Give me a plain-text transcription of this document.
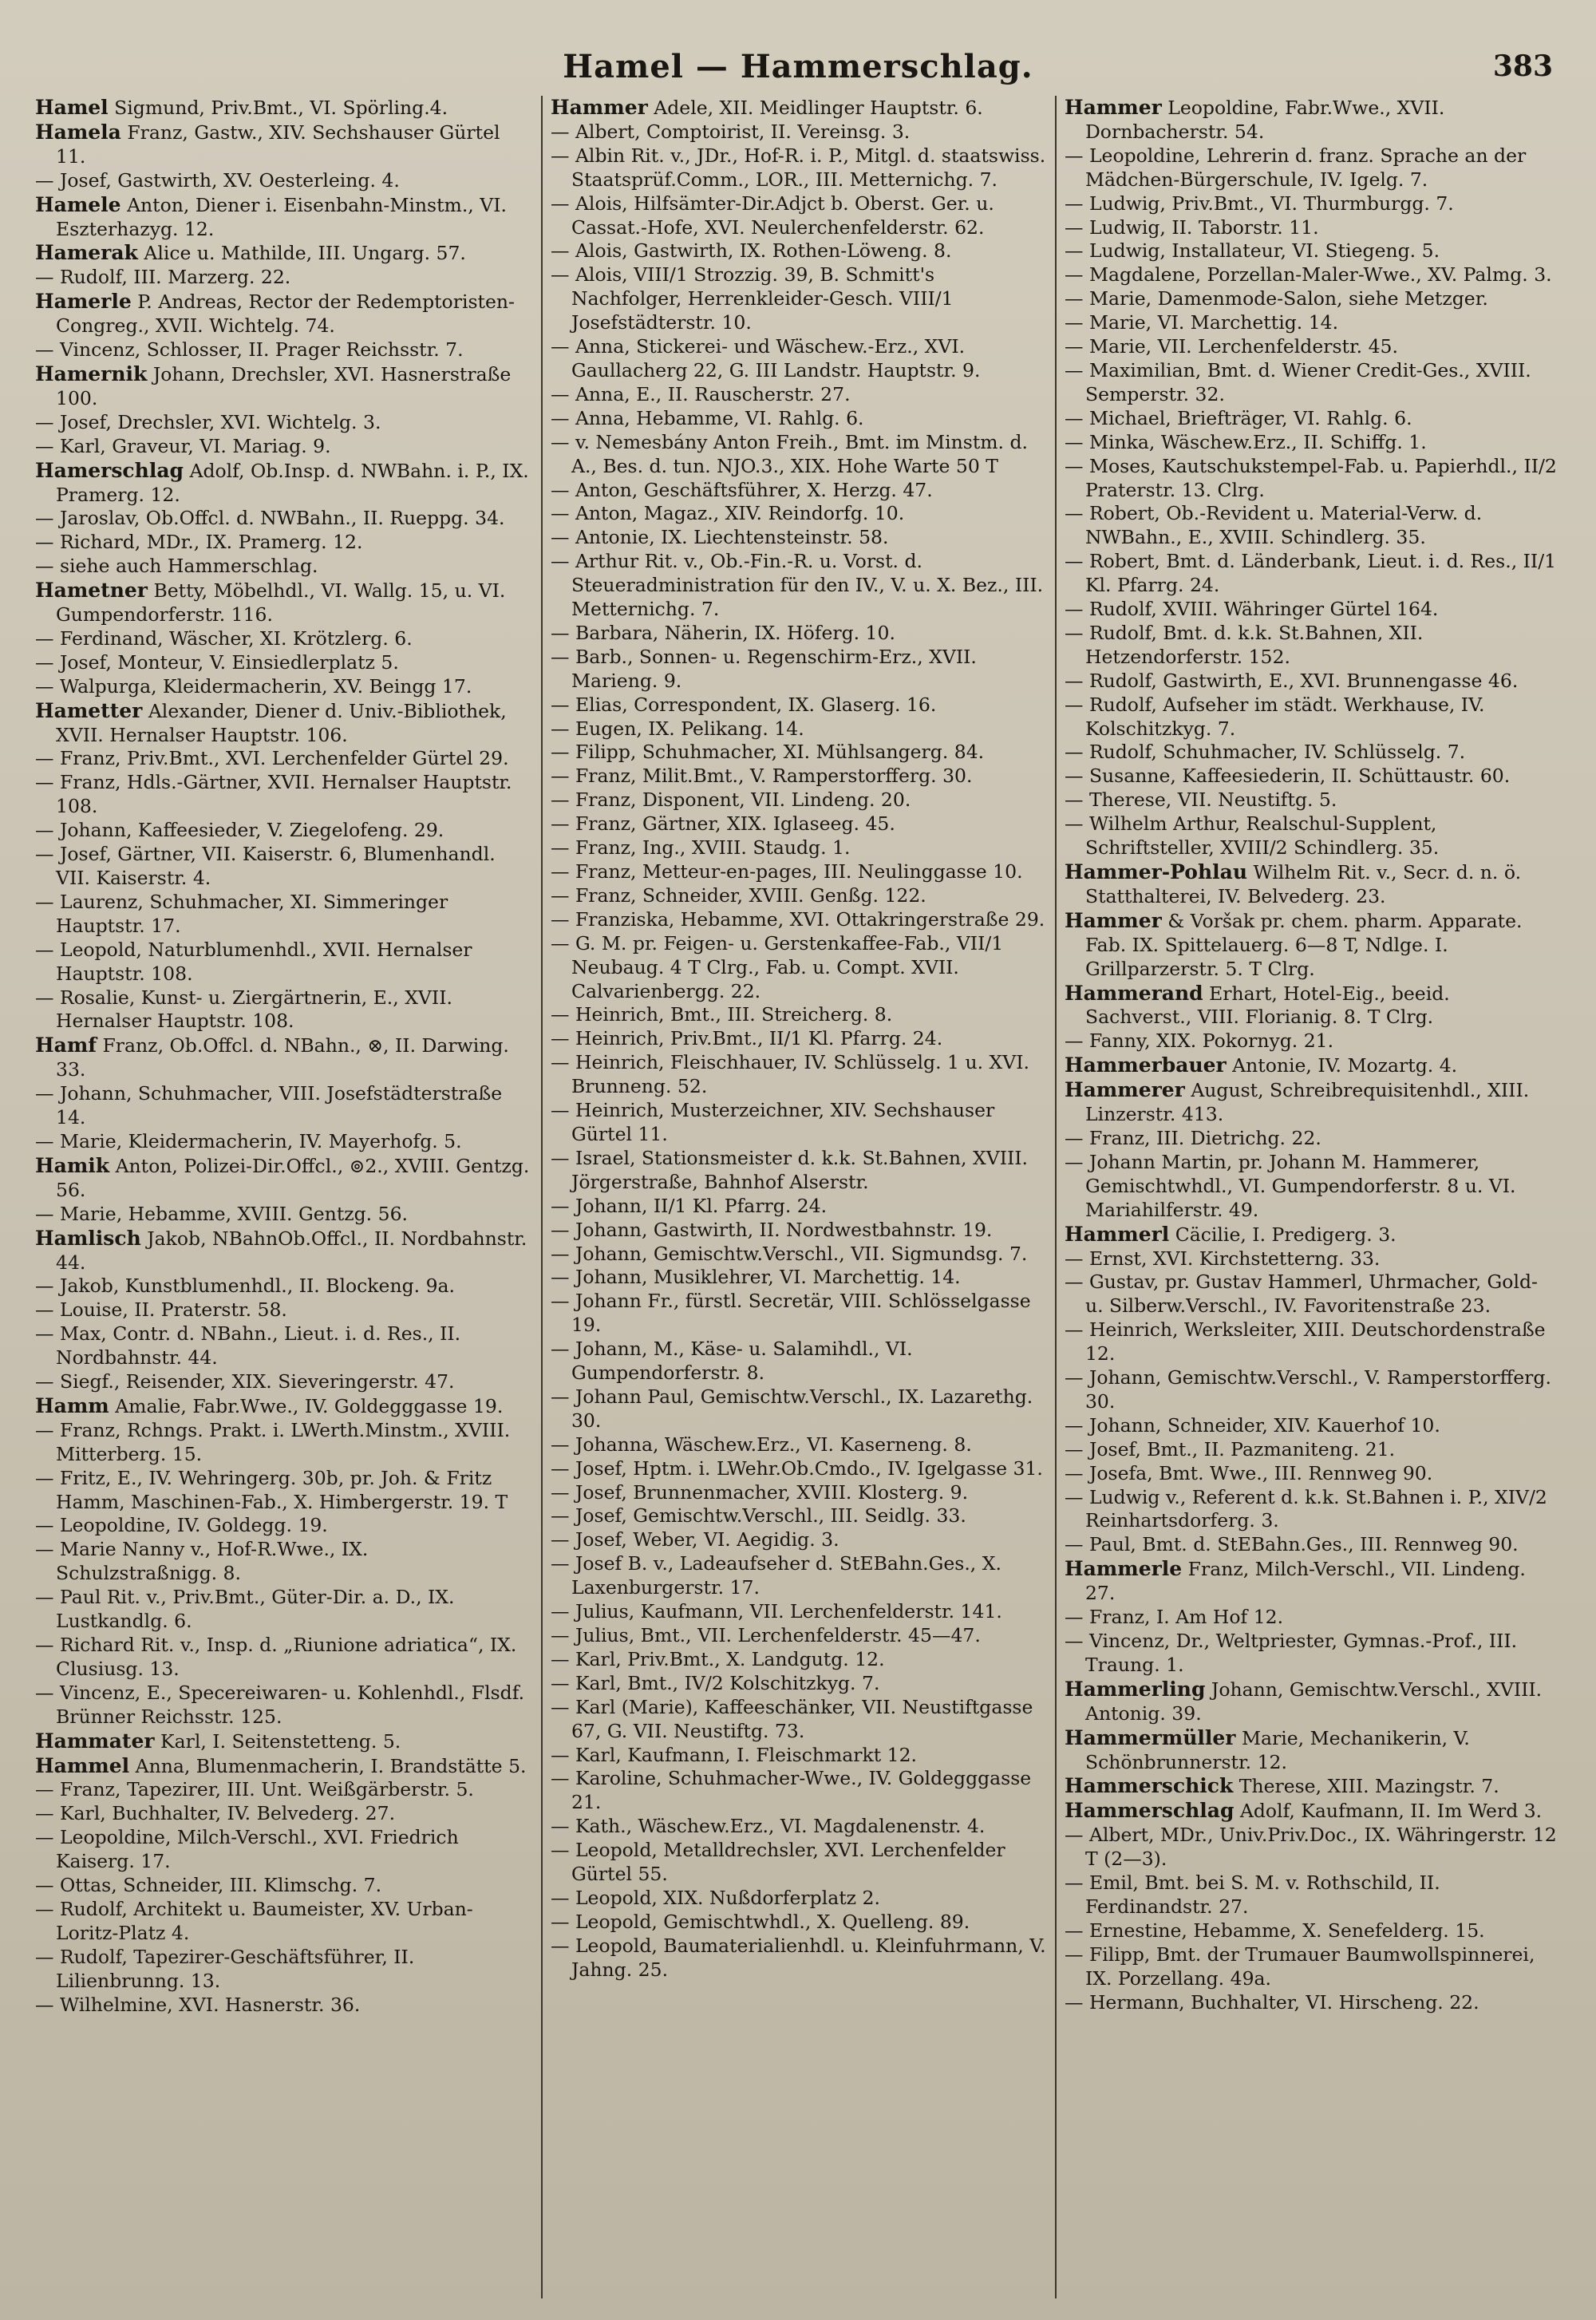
Hamel — Hammerschlag.	383

Hamel Sigmund, Priv.Bmt., VI. Spörling.4.

Hamela Franz, Gastw., XIV. Sechshauser Gürtel 11.

— Josef, Gastwirth, XV. Oesterleing. 4.

Hamele Anton, Diener i. Eisenbahn-Minstm., VI. Eszterhazyg. 12.

Hamerak Alice u. Mathilde, III. Ungarg. 57.

— Rudolf, III. Marzerg. 22.

Hamerle P. Andreas, Rector der Redemptoristen-Congreg., XVII. Wichtelg. 74.

— Vincenz, Schlosser, II. Prager Reichsstr. 7.

Hamernik Johann, Drechsler, XVI. Hasnerstraße 100.

— Josef, Drechsler, XVI. Wichtelg. 3.

— Karl, Graveur, VI. Mariag. 9.

Hamerschlag Adolf, Ob.Insp. d. NWBahn. i. P., IX. Pramerg. 12.

— Jaroslav, Ob.Offcl. d. NWBahn., II. Rueppg. 34.

— Richard, MDr., IX. Pramerg. 12.

— siehe auch Hammerschlag.

Hametner Betty, Möbelhdl., VI. Wallg. 15, u. VI. Gumpendorferstr. 116.

— Ferdinand, Wäscher, XI. Krötzlerg. 6.

— Josef, Monteur, V. Einsiedlerplatz 5.

— Walpurga, Kleidermacherin, XV. Beingg 17.

Hametter Alexander, Diener d. Univ.-Bibliothek, XVII. Hernalser Hauptstr. 106.

— Franz, Priv.Bmt., XVI. Lerchenfelder Gürtel 29.

— Franz, Hdls.-Gärtner, XVII. Hernalser Hauptstr. 108.

— Johann, Kaffeesieder, V. Ziegelofeng. 29.

— Josef, Gärtner, VII. Kaiserstr. 6, Blumenhandl. VII. Kaiserstr. 4.

— Laurenz, Schuhmacher, XI. Simmeringer Hauptstr. 17.

— Leopold, Naturblumenhdl., XVII. Hernalser Hauptstr. 108.

— Rosalie, Kunst- u. Ziergärtnerin, E., XVII. Hernalser Hauptstr. 108.

Hamf Franz, Ob.Offcl. d. NBahn., ⊗, II. Darwing. 33.

— Johann, Schuhmacher, VIII. Josefstädterstraße 14.

— Marie, Kleidermacherin, IV. Mayerhofg. 5.

Hamik Anton, Polizei-Dir.Offcl., ⊚2., XVIII. Gentzg. 56.

— Marie, Hebamme, XVIII. Gentzg. 56.

Hamlisch Jakob, NBahnOb.Offcl., II. Nordbahnstr. 44.

— Jakob, Kunstblumenhdl., II. Blockeng. 9a.

— Louise, II. Praterstr. 58.

— Max, Contr. d. NBahn., Lieut. i. d. Res., II. Nordbahnstr. 44.

— Siegf., Reisender, XIX. Sieveringerstr. 47.

Hamm Amalie, Fabr.Wwe., IV. Goldegggasse 19.

— Franz, Rchngs. Prakt. i. LWerth.Minstm., XVIII. Mitterberg. 15.

— Fritz, E., IV. Wehringerg. 30b, pr. Joh. & Fritz Hamm, Maschinen-Fab., X. Himbergerstr. 19. T

— Leopoldine, IV. Goldegg. 19.

— Marie Nanny v., Hof-R.Wwe., IX. Schulzstraßnigg. 8.

— Paul Rit. v., Priv.Bmt., Güter-Dir. a. D., IX. Lustkandlg. 6.

— Richard Rit. v., Insp. d. „Riunione adriatica“, IX. Clusiusg. 13.

— Vincenz, E., Specereiwaren- u. Kohlenhdl., Flsdf. Brünner Reichsstr. 125.

Hammater Karl, I. Seitenstetteng. 5.

Hammel Anna, Blumenmacherin, I. Brandstätte 5.

— Franz, Tapezirer, III. Unt. Weißgärberstr. 5.

— Karl, Buchhalter, IV. Belvederg. 27.

— Leopoldine, Milch-Verschl., XVI. Friedrich Kaiserg. 17.

— Ottas, Schneider, III. Klimschg. 7.

— Rudolf, Architekt u. Baumeister, XV. Urban-Loritz-Platz 4.

— Rudolf, Tapezirer-Geschäftsführer, II. Lilienbrunng. 13.

— Wilhelmine, XVI. Hasnerstr. 36.

Hammer Adele, XII. Meidlinger Hauptstr. 6.

— Albert, Comptoirist, II. Vereinsg. 3.

— Albin Rit. v., JDr., Hof-R. i. P., Mitgl. d. staatswiss. Staatsprüf.Comm., LOR., III. Metternichg. 7.

— Alois, Hilfsämter-Dir.Adjct b. Oberst. Ger. u. Cassat.-Hofe, XVI. Neulerchenfelderstr. 62.

— Alois, Gastwirth, IX. Rothen-Löweng. 8.

— Alois, VIII/1 Strozzig. 39, B. Schmitt's Nachfolger, Herrenkleider-Gesch. VIII/1 Josefstädterstr. 10.

— Anna, Stickerei- und Wäschew.-Erz., XVI. Gaullacherg 22, G. III Landstr. Hauptstr. 9.

— Anna, E., II. Rauscherstr. 27.

— Anna, Hebamme, VI. Rahlg. 6.

— v. Nemesbány Anton Freih., Bmt. im Minstm. d. A., Bes. d. tun. NJO.3., XIX. Hohe Warte 50 T

— Anton, Geschäftsführer, X. Herzg. 47.

— Anton, Magaz., XIV. Reindorfg. 10.

— Antonie, IX. Liechtensteinstr. 58.

— Arthur Rit. v., Ob.-Fin.-R. u. Vorst. d. Steueradministration für den IV., V. u. X. Bez., III. Metternichg. 7.

— Barbara, Näherin, IX. Höferg. 10.

— Barb., Sonnen- u. Regenschirm-Erz., XVII. Marieng. 9.

— Elias, Correspondent, IX. Glaserg. 16.

— Eugen, IX. Pelikang. 14.

— Filipp, Schuhmacher, XI. Mühlsangerg. 84.

— Franz, Milit.Bmt., V. Ramperstorfferg. 30.

— Franz, Disponent, VII. Lindeng. 20.

— Franz, Gärtner, XIX. Iglaseeg. 45.

— Franz, Ing., XVIII. Staudg. 1.

— Franz, Metteur-en-pages, III. Neulinggasse 10.

— Franz, Schneider, XVIII. Genßg. 122.

— Franziska, Hebamme, XVI. Ottakringerstraße 29.

— G. M. pr. Feigen- u. Gerstenkaffee-Fab., VII/1 Neubaug. 4 T Clrg., Fab. u. Compt. XVII. Calvarienbergg. 22.

— Heinrich, Bmt., III. Streicherg. 8.

— Heinrich, Priv.Bmt., II/1 Kl. Pfarrg. 24.

— Heinrich, Fleischhauer, IV. Schlüsselg. 1 u. XVI. Brunneng. 52.

— Heinrich, Musterzeichner, XIV. Sechshauser Gürtel 11.

— Israel, Stationsmeister d. k.k. St.Bahnen, XVIII. Jörgerstraße, Bahnhof Alserstr.

— Johann, II/1 Kl. Pfarrg. 24.

— Johann, Gastwirth, II. Nordwestbahnstr. 19.

— Johann, Gemischtw.Verschl., VII. Sigmundsg. 7.

— Johann, Musiklehrer, VI. Marchettig. 14.

— Johann Fr., fürstl. Secretär, VIII. Schlösselgasse 19.

— Johann, M., Käse- u. Salamihdl., VI. Gumpendorferstr. 8.

— Johann Paul, Gemischtw.Verschl., IX. Lazarethg. 30.

— Johanna, Wäschew.Erz., VI. Kaserneng. 8.

— Josef, Hptm. i. LWehr.Ob.Cmdo., IV. Igelgasse 31.

— Josef, Brunnenmacher, XVIII. Klosterg. 9.

— Josef, Gemischtw.Verschl., III. Seidlg. 33.

— Josef, Weber, VI. Aegidig. 3.

— Josef B. v., Ladeaufseher d. StEBahn.Ges., X. Laxenburgerstr. 17.

— Julius, Kaufmann, VII. Lerchenfelderstr. 141.

— Julius, Bmt., VII. Lerchenfelderstr. 45—47.

— Karl, Priv.Bmt., X. Landgutg. 12.

— Karl, Bmt., IV/2 Kolschitzkyg. 7.

— Karl (Marie), Kaffeeschänker, VII. Neustiftgasse 67, G. VII. Neustiftg. 73.

— Karl, Kaufmann, I. Fleischmarkt 12.

— Karoline, Schuhmacher-Wwe., IV. Goldegggasse 21.

— Kath., Wäschew.Erz., VI. Magdalenenstr. 4.

— Leopold, Metalldrechsler, XVI. Lerchenfelder Gürtel 55.

— Leopold, XIX. Nußdorferplatz 2.

— Leopold, Gemischtwhdl., X. Quelleng. 89.

— Leopold, Baumaterialienhdl. u. Kleinfuhrmann, V. Jahng. 25.

Hammer Leopoldine, Fabr.Wwe., XVII. Dornbacherstr. 54.

— Leopoldine, Lehrerin d. franz. Sprache an der Mädchen-Bürgerschule, IV. Igelg. 7.

— Ludwig, Priv.Bmt., VI. Thurmburgg. 7.

— Ludwig, II. Taborstr. 11.

— Ludwig, Installateur, VI. Stiegeng. 5.

— Magdalene, Porzellan-Maler-Wwe., XV. Palmg. 3.

— Marie, Damenmode-Salon, siehe Metzger.

— Marie, VI. Marchettig. 14.

— Marie, VII. Lerchenfelderstr. 45.

— Maximilian, Bmt. d. Wiener Credit-Ges., XVIII. Semperstr. 32.

— Michael, Briefträger, VI. Rahlg. 6.

— Minka, Wäschew.Erz., II. Schiffg. 1.

— Moses, Kautschukstempel-Fab. u. Papierhdl., II/2 Praterstr. 13. Clrg.

— Robert, Ob.-Revident u. Material-Verw. d. NWBahn., E., XVIII. Schindlerg. 35.

— Robert, Bmt. d. Länderbank, Lieut. i. d. Res., II/1 Kl. Pfarrg. 24.

— Rudolf, XVIII. Währinger Gürtel 164.

— Rudolf, Bmt. d. k.k. St.Bahnen, XII. Hetzendorferstr. 152.

— Rudolf, Gastwirth, E., XVI. Brunnengasse 46.

— Rudolf, Aufseher im städt. Werkhause, IV. Kolschitzkyg. 7.

— Rudolf, Schuhmacher, IV. Schlüsselg. 7.

— Susanne, Kaffeesiederin, II. Schüttaustr. 60.

— Therese, VII. Neustiftg. 5.

— Wilhelm Arthur, Realschul-Supplent, Schriftsteller, XVIII/2 Schindlerg. 35.

Hammer-Pohlau Wilhelm Rit. v., Secr. d. n. ö. Statthalterei, IV. Belvederg. 23.

Hammer & Voršak pr. chem. pharm. Apparate. Fab. IX. Spittelauerg. 6—8 T, Ndlge. I. Grillparzerstr. 5. T Clrg.

Hammerand Erhart, Hotel-Eig., beeid. Sachverst., VIII. Florianig. 8. T Clrg.

— Fanny, XIX. Pokornyg. 21.

Hammerbauer Antonie, IV. Mozartg. 4.

Hammerer August, Schreibrequisitenhdl., XIII. Linzerstr. 413.

— Franz, III. Dietrichg. 22.

— Johann Martin, pr. Johann M. Hammerer, Gemischtwhdl., VI. Gumpendorferstr. 8 u. VI. Mariahilferstr. 49.

Hammerl Cäcilie, I. Predigerg. 3.

— Ernst, XVI. Kirchstetterng. 33.

— Gustav, pr. Gustav Hammerl, Uhrmacher, Gold- u. Silberw.Verschl., IV. Favoritenstraße 23.

— Heinrich, Werksleiter, XIII. Deutschordenstraße 12.

— Johann, Gemischtw.Verschl., V. Ramperstorfferg. 30.

— Johann, Schneider, XIV. Kauerhof 10.

— Josef, Bmt., II. Pazmaniteng. 21.

— Josefa, Bmt. Wwe., III. Rennweg 90.

— Ludwig v., Referent d. k.k. St.Bahnen i. P., XIV/2 Reinhartsdorferg. 3.

— Paul, Bmt. d. StEBahn.Ges., III. Rennweg 90.

Hammerle Franz, Milch-Verschl., VII. Lindeng. 27.

— Franz, I. Am Hof 12.

— Vincenz, Dr., Weltpriester, Gymnas.-Prof., III. Traung. 1.

Hammerling Johann, Gemischtw.Verschl., XVIII. Antonig. 39.

Hammermüller Marie, Mechanikerin, V. Schönbrunnerstr. 12.

Hammerschick Therese, XIII. Mazingstr. 7.

Hammerschlag Adolf, Kaufmann, II. Im Werd 3.

— Albert, MDr., Univ.Priv.Doc., IX. Währingerstr. 12 T (2—3).

— Emil, Bmt. bei S. M. v. Rothschild, II. Ferdinandstr. 27.

— Ernestine, Hebamme, X. Senefelderg. 15.

— Filipp, Bmt. der Trumauer Baumwollspinnerei, IX. Porzellang. 49a.

— Hermann, Buchhalter, VI. Hirscheng. 22.
